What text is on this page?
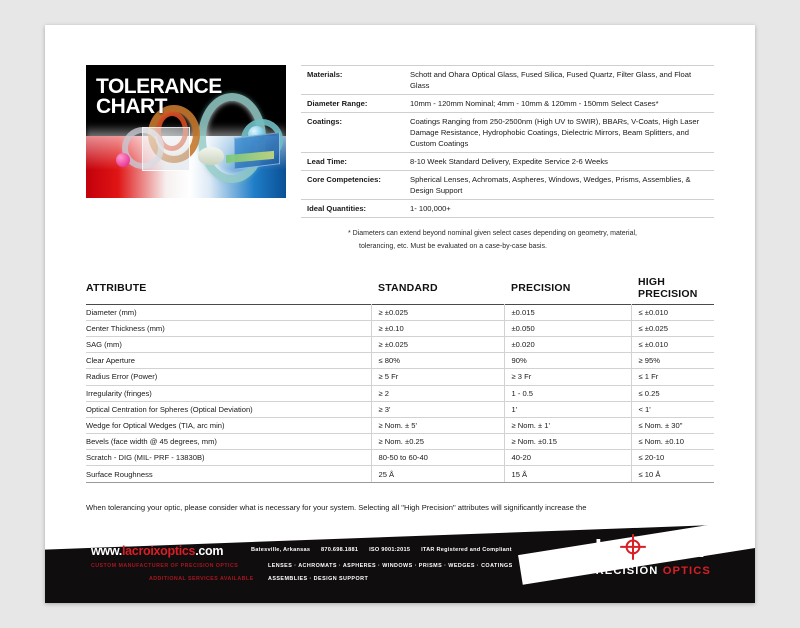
TOLERANCE
CHART
Materials:	Schott and Ohara Optical Glass, Fused Silica, Fused Quartz, Filter Glass, and Float Glass
Diameter Range:	10mm - 120mm Nominal; 4mm - 10mm & 120mm - 150mm Select Cases*
Coatings:	Coatings Ranging from 250-2500nm (High UV to SWIR), BBARs, V-Coats, High Laser Damage Resistance, Hydrophobic Coatings, Dielectric Mirrors, Beam Splitters, and Custom Coatings
Lead Time:	8-10 Week Standard Delivery, Expedite Service 2-6 Weeks
Core Competencies:	Spherical Lenses, Achromats, Aspheres, Windows, Wedges, Prisms, Assemblies, & Design Support
Ideal Quantities:	1- 100,000+
* Diameters can extend beyond nominal given select cases depending on geometry, material,
tolerancing, etc. Must be evaluated on a case-by-case basis.
ATTRIBUTE	STANDARD	PRECISION	HIGH PRECISION
Diameter (mm)	≥ ±0.025	±0.015	≤ ±0.010
Center Thickness (mm)	≥ ±0.10	±0.050	≤ ±0.025
SAG (mm)	≥ ±0.025	±0.020	≤ ±0.010
Clear Aperture	≤ 80%	90%	≥ 95%
Radius Error (Power)	≥ 5 Fr	≥ 3 Fr	≤ 1 Fr
Irregularity (fringes)	≥ 2	1 - 0.5	≤ 0.25
Optical Centration for Spheres (Optical Deviation)	≥ 3'	1'	< 1'
Wedge for Optical Wedges (TIA, arc min)	≥ Nom. ± 5'	≥ Nom. ± 1'	≤ Nom. ± 30"
Bevels (face width @ 45 degrees, mm)	≥ Nom. ±0.25	≥ Nom. ±0.15	≤ Nom. ±0.10
Scratch - DIG (MIL- PRF - 13830B)	80-50 to 60-40	40-20	≤ 20-10
Surface Roughness	25 Å	15 Å	≤ 10 Å
When tolerancing your optic, please consider what is necessary for your system. Selecting all "High Precision" attributes will significantly increase the
www.lacroixoptics.com	Batesville, Arkansas 870.698.1881 ISO 9001:2015 ITAR Registered and Compliant
CUSTOM MANUFACTURER OF PRECISION OPTICS
ADDITIONAL SERVICES AVAILABLE
LENSES · ACHROMATS · ASPHERES · WINDOWS · PRISMS · WEDGES · COATINGS
ASSEMBLIES · DESIGN SUPPORT
LaC
ROIX
PRECISION OPTICS
